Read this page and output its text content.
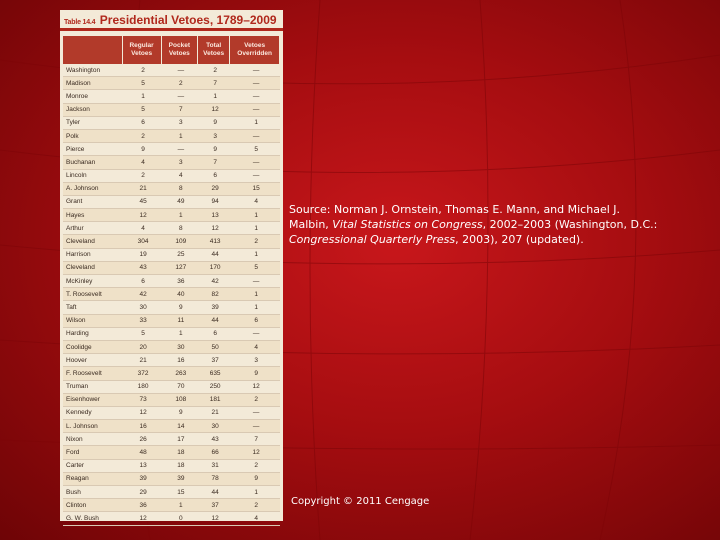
Table 14.4 Presidential Vetoes, 1789–2009
	Regular Vetoes	Pocket Vetoes	Total Vetoes	Vetoes Overridden
Washington	2	—	2	—
Madison	5	2	7	—
Monroe	1	—	1	—
Jackson	5	7	12	—
Tyler	6	3	9	1
Polk	2	1	3	—
Pierce	9	—	9	5
Buchanan	4	3	7	—
Lincoln	2	4	6	—
A. Johnson	21	8	29	15
Grant	45	49	94	4
Hayes	12	1	13	1
Arthur	4	8	12	1
Cleveland	304	109	413	2
Harrison	19	25	44	1
Cleveland	43	127	170	5
McKinley	6	36	42	—
T. Roosevelt	42	40	82	1
Taft	30	9	39	1
Wilson	33	11	44	6
Harding	5	1	6	—
Coolidge	20	30	50	4
Hoover	21	16	37	3
F. Roosevelt	372	263	635	9
Truman	180	70	250	12
Eisenhower	73	108	181	2
Kennedy	12	9	21	—
L. Johnson	16	14	30	—
Nixon	26	17	43	7
Ford	48	18	66	12
Carter	13	18	31	2
Reagan	39	39	78	9
Bush	29	15	44	1
Clinton	36	1	37	2
G. W. Bush	12	0	12	4
Source: Norman J. Ornstein, Thomas E. Mann, and Michael J. Malbin, Vital Statistics on Congress, 2002–2003 (Washington, D.C.: Congressional Quarterly Press, 2003), 207 (updated).
Copyright © 2011 Cengage
